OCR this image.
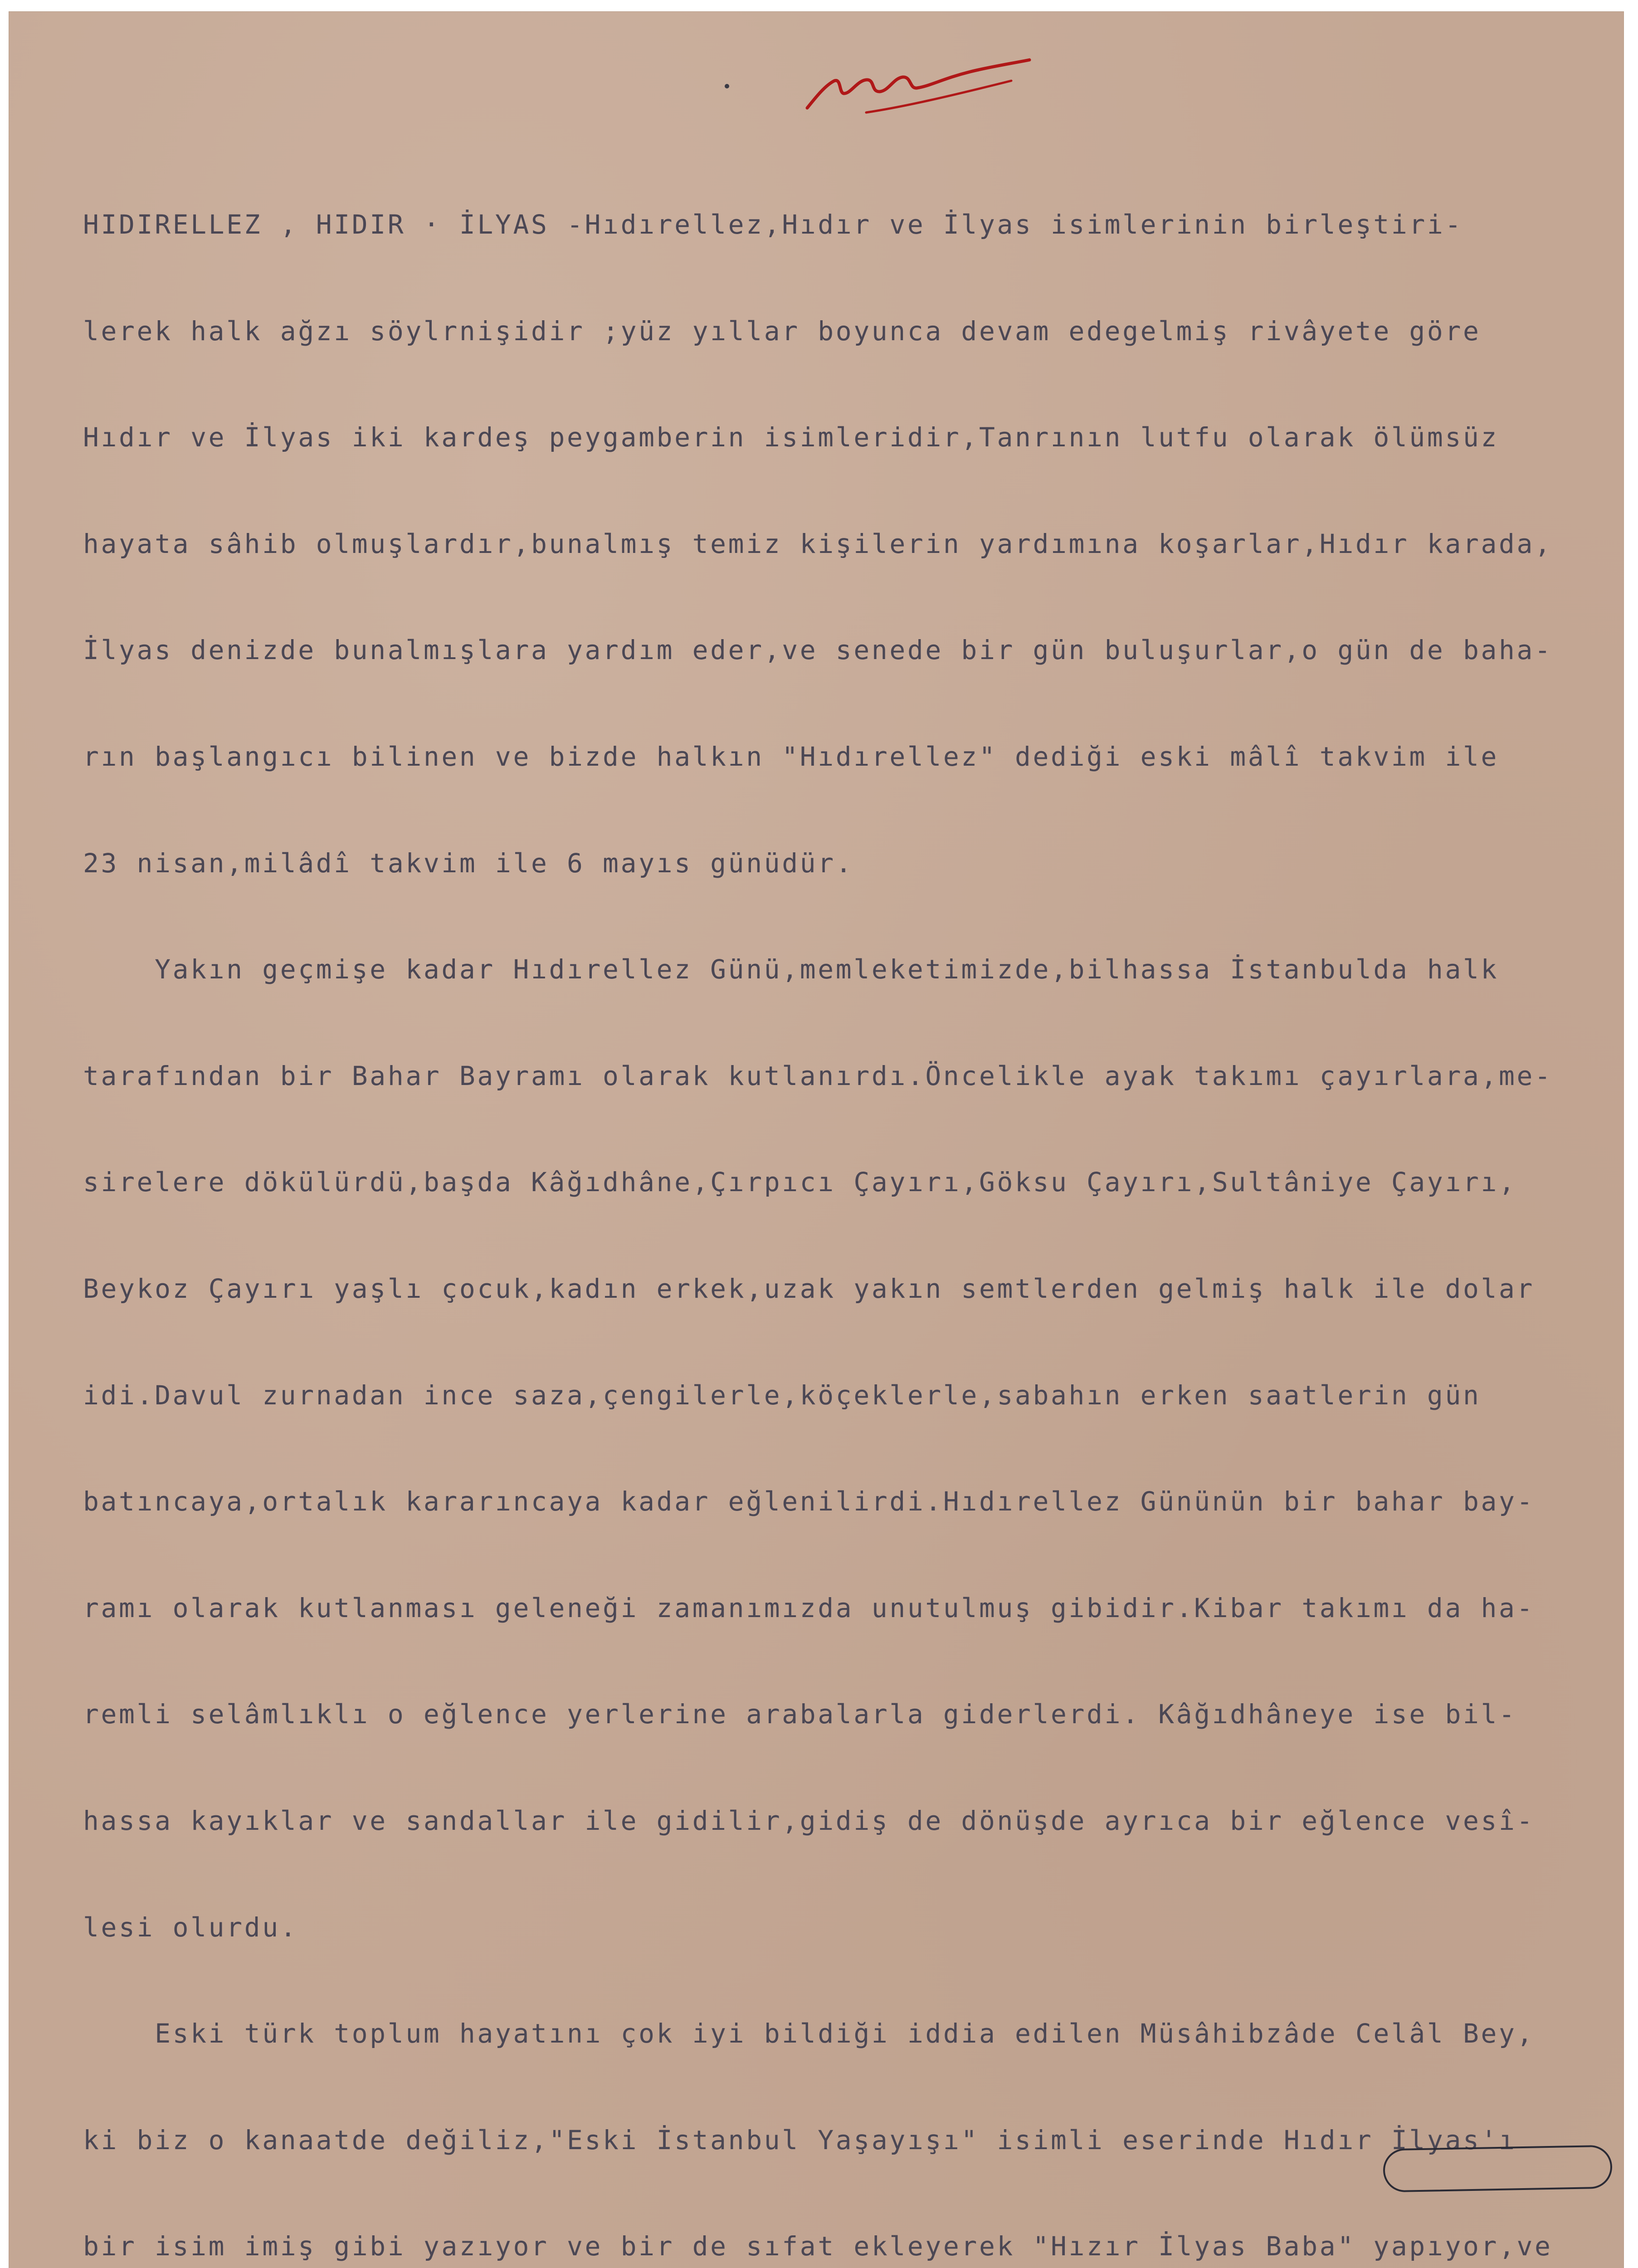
HIDIRELLEZ , HIDIR · İLYAS -Hıdırellez,Hıdır ve İlyas isimlerinin birleştiri-

lerek halk ağzı söylrnişidir ;yüz yıllar boyunca devam edegelmiş rivâyete göre

Hıdır ve İlyas iki kardeş peygamberin isimleridir,Tanrının lutfu olarak ölümsüz

hayata sâhib olmuşlardır,bunalmış temiz kişilerin yardımına koşarlar,Hıdır karada,

İlyas denizde bunalmışlara yardım eder,ve senede bir gün buluşurlar,o gün de baha-

rın başlangıcı bilinen ve bizde halkın "Hıdırellez" dediği eski mâlî takvim ile

23 nisan,milâdî takvim ile 6 mayıs günüdür.

Yakın geçmişe kadar Hıdırellez Günü,memleketimizde,bilhassa İstanbulda halk

tarafından bir Bahar Bayramı olarak kutlanırdı.Öncelikle ayak takımı çayırlara,me-

sirelere dökülürdü,başda Kâğıdhâne,Çırpıcı Çayırı,Göksu Çayırı,Sultâniye Çayırı,

Beykoz Çayırı yaşlı çocuk,kadın erkek,uzak yakın semtlerden gelmiş halk ile dolar

idi.Davul zurnadan ince saza,çengilerle,köçeklerle,sabahın erken saatlerin gün

batıncaya,ortalık kararıncaya kadar eğlenilirdi.Hıdırellez Gününün bir bahar bay-

ramı olarak kutlanması geleneği zamanımızda unutulmuş gibidir.Kibar takımı da ha-

remli selâmlıklı o eğlence yerlerine arabalarla giderlerdi. Kâğıdhâneye ise bil-

hassa kayıklar ve sandallar ile gidilir,gidiş de dönüşde ayrıca bir eğlence vesî-

lesi olurdu.

Eski türk toplum hayatını çok iyi bildiği iddia edilen Müsâhibzâde Celâl Bey,

ki biz o kanaatde değiliz,"Eski İstanbul Yaşayışı" isimli eserinde Hıdır İlyas'ı

bir isim imiş gibi yazıyor ve bir de sıfat ekleyerek "Hızır İlyas Baba" yapıyor,ve
